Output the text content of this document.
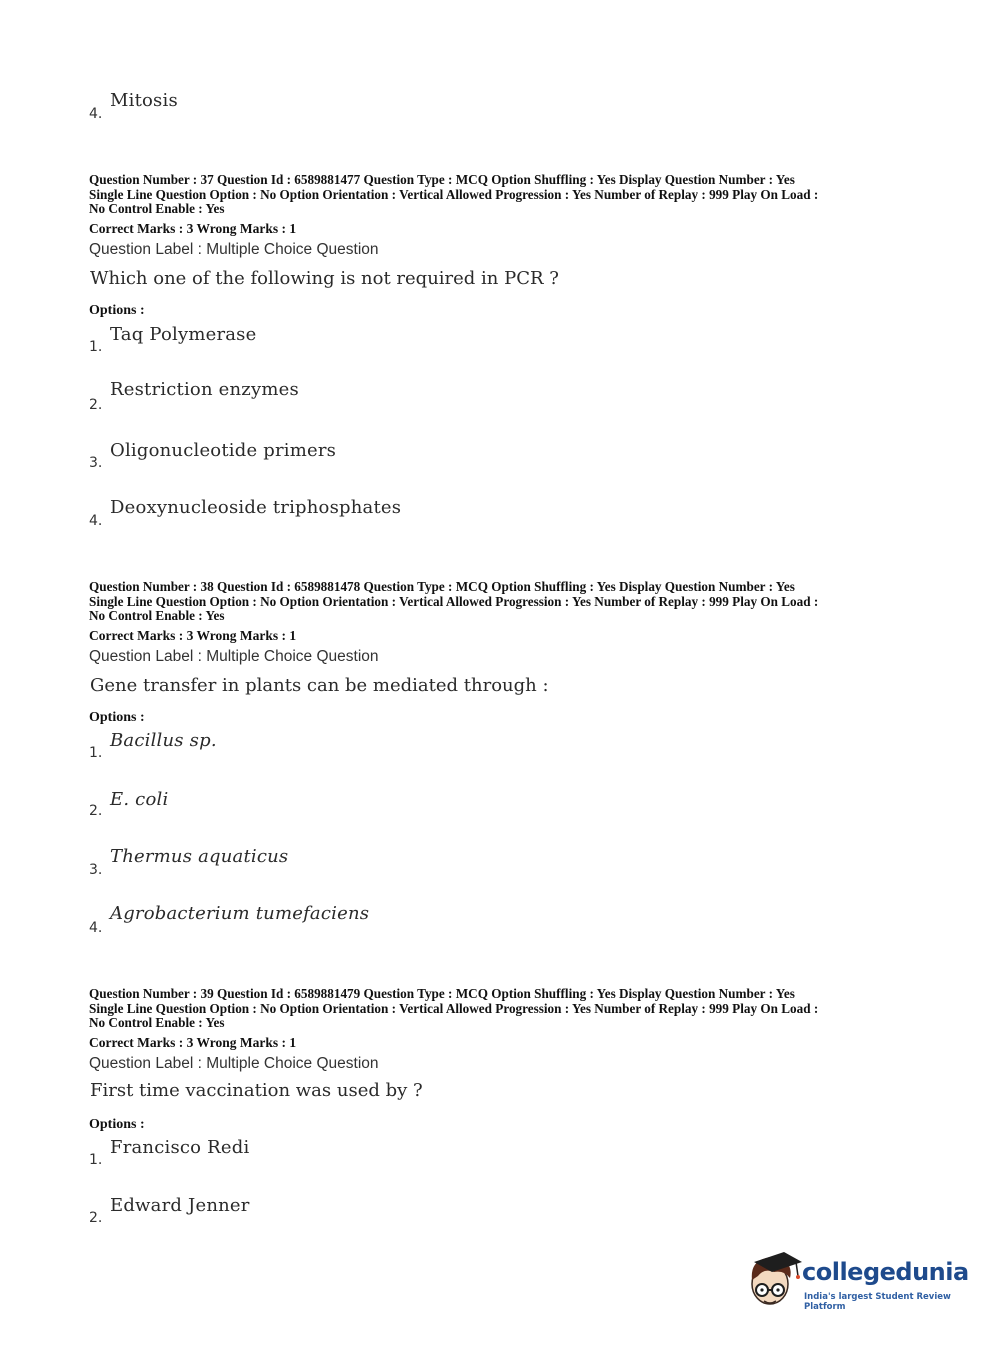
Mitosis
4.
Question Number : 37 Question Id : 6589881477 Question Type : MCQ Option Shuffling : Yes Display Question Number : Yes
Single Line Question Option : No Option Orientation : Vertical Allowed Progression : Yes Number of Replay : 999 Play On Load :
No Control Enable : Yes
Correct Marks : 3 Wrong Marks : 1
Question Label : Multiple Choice Question
Which one of the following is not required in PCR ?
Options :
Taq Polymerase
1.
Restriction enzymes
2.
Oligonucleotide primers
3.
Deoxynucleoside triphosphates
4.
Question Number : 38 Question Id : 6589881478 Question Type : MCQ Option Shuffling : Yes Display Question Number : Yes
Single Line Question Option : No Option Orientation : Vertical Allowed Progression : Yes Number of Replay : 999 Play On Load :
No Control Enable : Yes
Correct Marks : 3 Wrong Marks : 1
Question Label : Multiple Choice Question
Gene transfer in plants can be mediated through :
Options :
Bacillus sp.
1.
E. coli
2.
Thermus aquaticus
3.
Agrobacterium tumefaciens
4.
Question Number : 39 Question Id : 6589881479 Question Type : MCQ Option Shuffling : Yes Display Question Number : Yes
Single Line Question Option : No Option Orientation : Vertical Allowed Progression : Yes Number of Replay : 999 Play On Load :
No Control Enable : Yes
Correct Marks : 3 Wrong Marks : 1
Question Label : Multiple Choice Question
First time vaccination was used by ?
Options :
Francisco Redi
1.
Edward Jenner
2.
collegedunia
India's largest Student Review Platform
